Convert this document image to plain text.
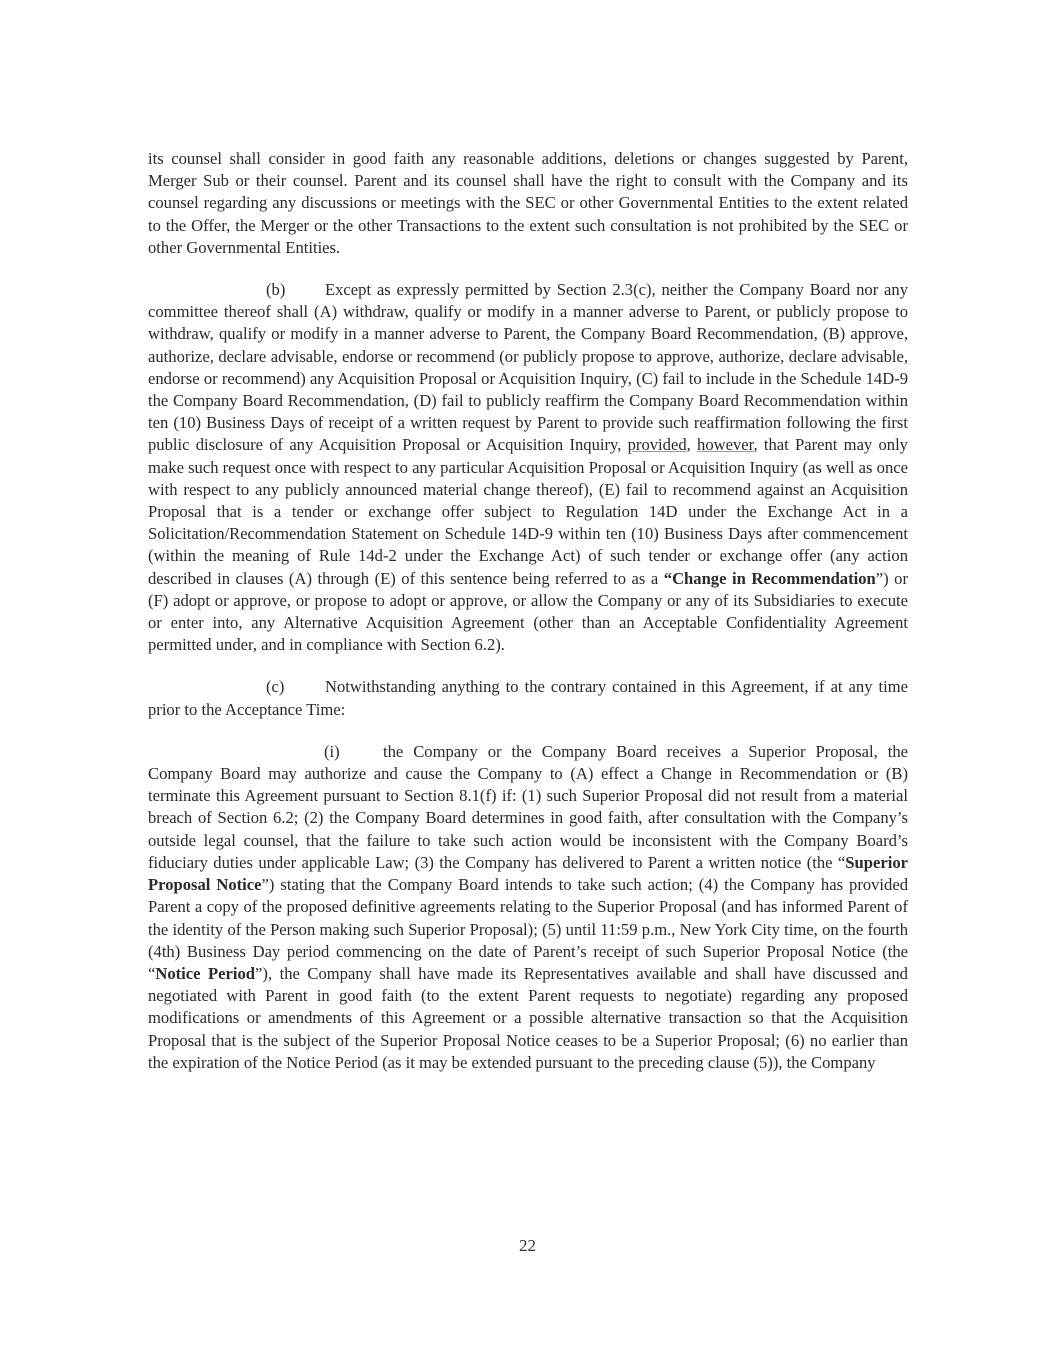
its counsel shall consider in good faith any reasonable additions, deletions or changes suggested by Parent, Merger Sub or their counsel. Parent and its counsel shall have the right to consult with the Company and its counsel regarding any discussions or meetings with the SEC or other Governmental Entities to the extent related to the Offer, the Merger or the other Transactions to the extent such consultation is not prohibited by the SEC or other Governmental Entities.

(b) Except as expressly permitted by Section 2.3(c), neither the Company Board nor any committee thereof shall (A) withdraw, qualify or modify in a manner adverse to Parent, or publicly propose to withdraw, qualify or modify in a manner adverse to Parent, the Company Board Recommendation, (B) approve, authorize, declare advisable, endorse or recommend (or publicly propose to approve, authorize, declare advisable, endorse or recommend) any Acquisition Proposal or Acquisition Inquiry, (C) fail to include in the Schedule 14D-9 the Company Board Recommendation, (D) fail to publicly reaffirm the Company Board Recommendation within ten (10) Business Days of receipt of a written request by Parent to provide such reaffirmation following the first public disclosure of any Acquisition Proposal or Acquisition Inquiry, provided, however, that Parent may only make such request once with respect to any particular Acquisition Proposal or Acquisition Inquiry (as well as once with respect to any publicly announced material change thereof), (E) fail to recommend against an Acquisition Proposal that is a tender or exchange offer subject to Regulation 14D under the Exchange Act in a Solicitation/Recommendation Statement on Schedule 14D-9 within ten (10) Business Days after commencement (within the meaning of Rule 14d-2 under the Exchange Act) of such tender or exchange offer (any action described in clauses (A) through (E) of this sentence being referred to as a “Change in Recommendation”) or (F) adopt or approve, or propose to adopt or approve, or allow the Company or any of its Subsidiaries to execute or enter into, any Alternative Acquisition Agreement (other than an Acceptable Confidentiality Agreement permitted under, and in compliance with Section 6.2).

(c) Notwithstanding anything to the contrary contained in this Agreement, if at any time prior to the Acceptance Time:

(i)	the Company or the Company Board receives a Superior Proposal, the Company Board may authorize and cause the Company to (A) effect a Change in Recommendation or (B) terminate this Agreement pursuant to Section 8.1(f) if: (1) such Superior Proposal did not result from a material breach of Section 6.2; (2) the Company Board determines in good faith, after consultation with the Company’s outside legal counsel, that the failure to take such action would be inconsistent with the Company Board’s fiduciary duties under applicable Law; (3) the Company has delivered to Parent a written notice (the “Superior Proposal Notice”) stating that the Company Board intends to take such action; (4) the Company has provided Parent a copy of the proposed definitive agreements relating to the Superior Proposal (and has informed Parent of the identity of the Person making such Superior Proposal); (5) until 11:59 p.m., New York City time, on the fourth (4th) Business Day period commencing on the date of Parent’s receipt of such Superior Proposal Notice (the “Notice Period”), the Company shall have made its Representatives available and shall have discussed and negotiated with Parent in good faith (to the extent Parent requests to negotiate) regarding any proposed modifications or amendments of this Agreement or a possible alternative transaction so that the Acquisition Proposal that is the subject of the Superior Proposal Notice ceases to be a Superior Proposal; (6) no earlier than the expiration of the Notice Period (as it may be extended pursuant to the preceding clause (5)), the Company

22
